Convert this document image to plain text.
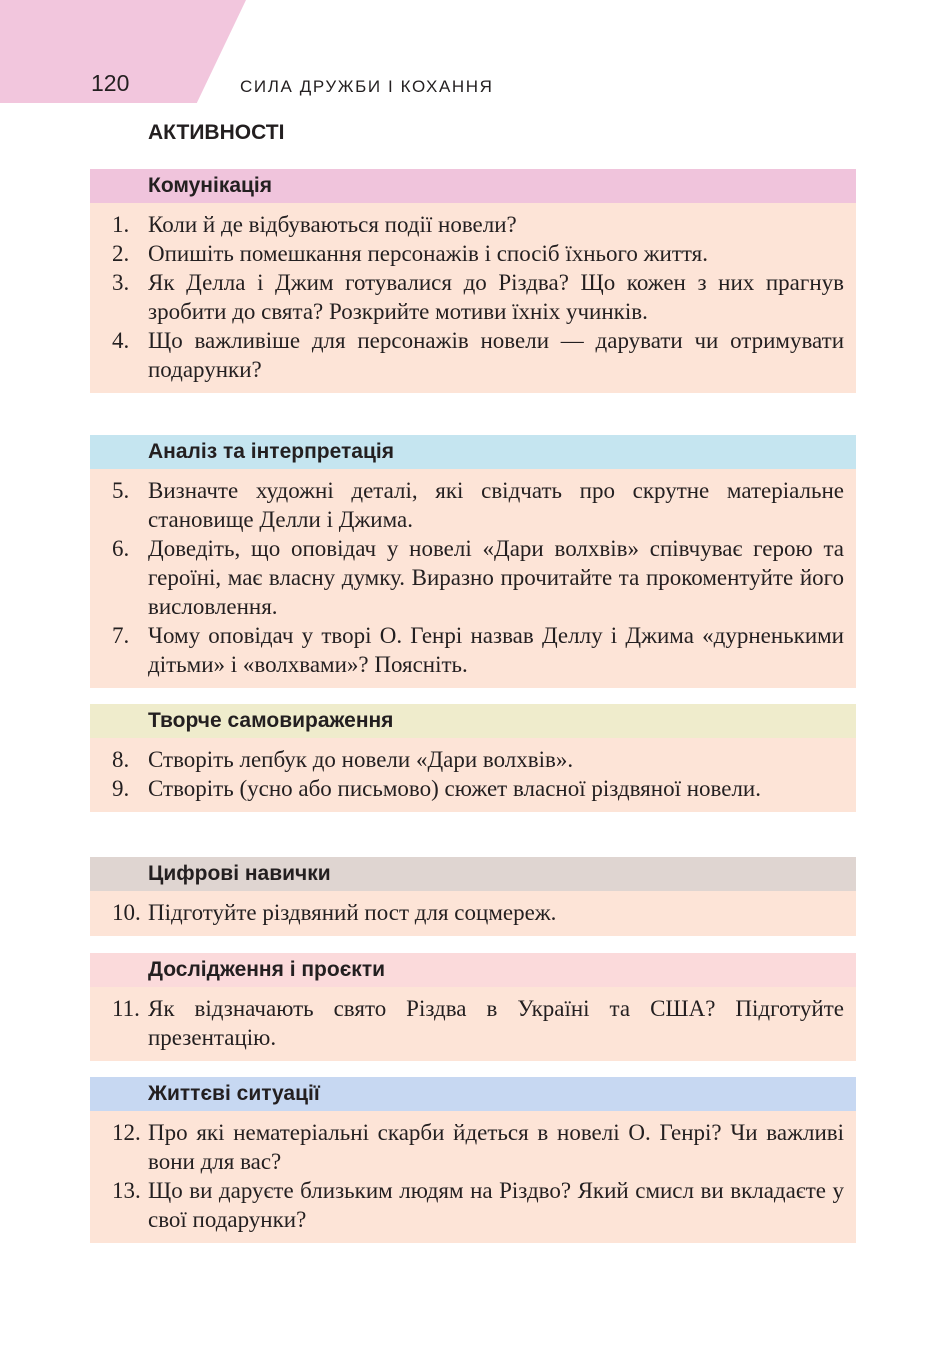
120	СИЛА ДРУЖБИ І КОХАННЯ
АКТИВНОСТІ
Комунікація
1. Коли й де відбуваються події новели?
2. Опишіть помешкання персонажів і спосіб їхнього життя.
3. Як Делла і Джим готувалися до Різдва? Що кожен з них прагнув зробити до свята? Розкрийте мотиви їхніх учинків.
4. Що важливіше для персонажів новели — дарувати чи отримувати подарунки?
Аналіз та інтерпретація
5. Визначте художні деталі, які свідчать про скрутне матеріальне становище Делли і Джима.
6. Доведіть, що оповідач у новелі «Дари волхвів» співчуває герою та героїні, має власну думку. Виразно прочитайте та прокоментуйте його висловлення.
7. Чому оповідач у творі О. Генрі назвав Деллу і Джима «дурненькими дітьми» і «волхвами»? Поясніть.
Творче самовираження
8. Створіть лепбук до новели «Дари волхвів».
9. Створіть (усно або письмово) сюжет власної різдвяної новели.
Цифрові навички
10. Підготуйте різдвяний пост для соцмереж.
Дослідження і проєкти
11. Як відзначають свято Різдва в Україні та США? Підготуйте презентацію.
Життєві ситуації
12. Про які нематеріальні скарби йдеться в новелі О. Генрі? Чи важливі вони для вас?
13. Що ви даруєте близьким людям на Різдво? Який смисл ви вкладаєте у свої подарунки?
